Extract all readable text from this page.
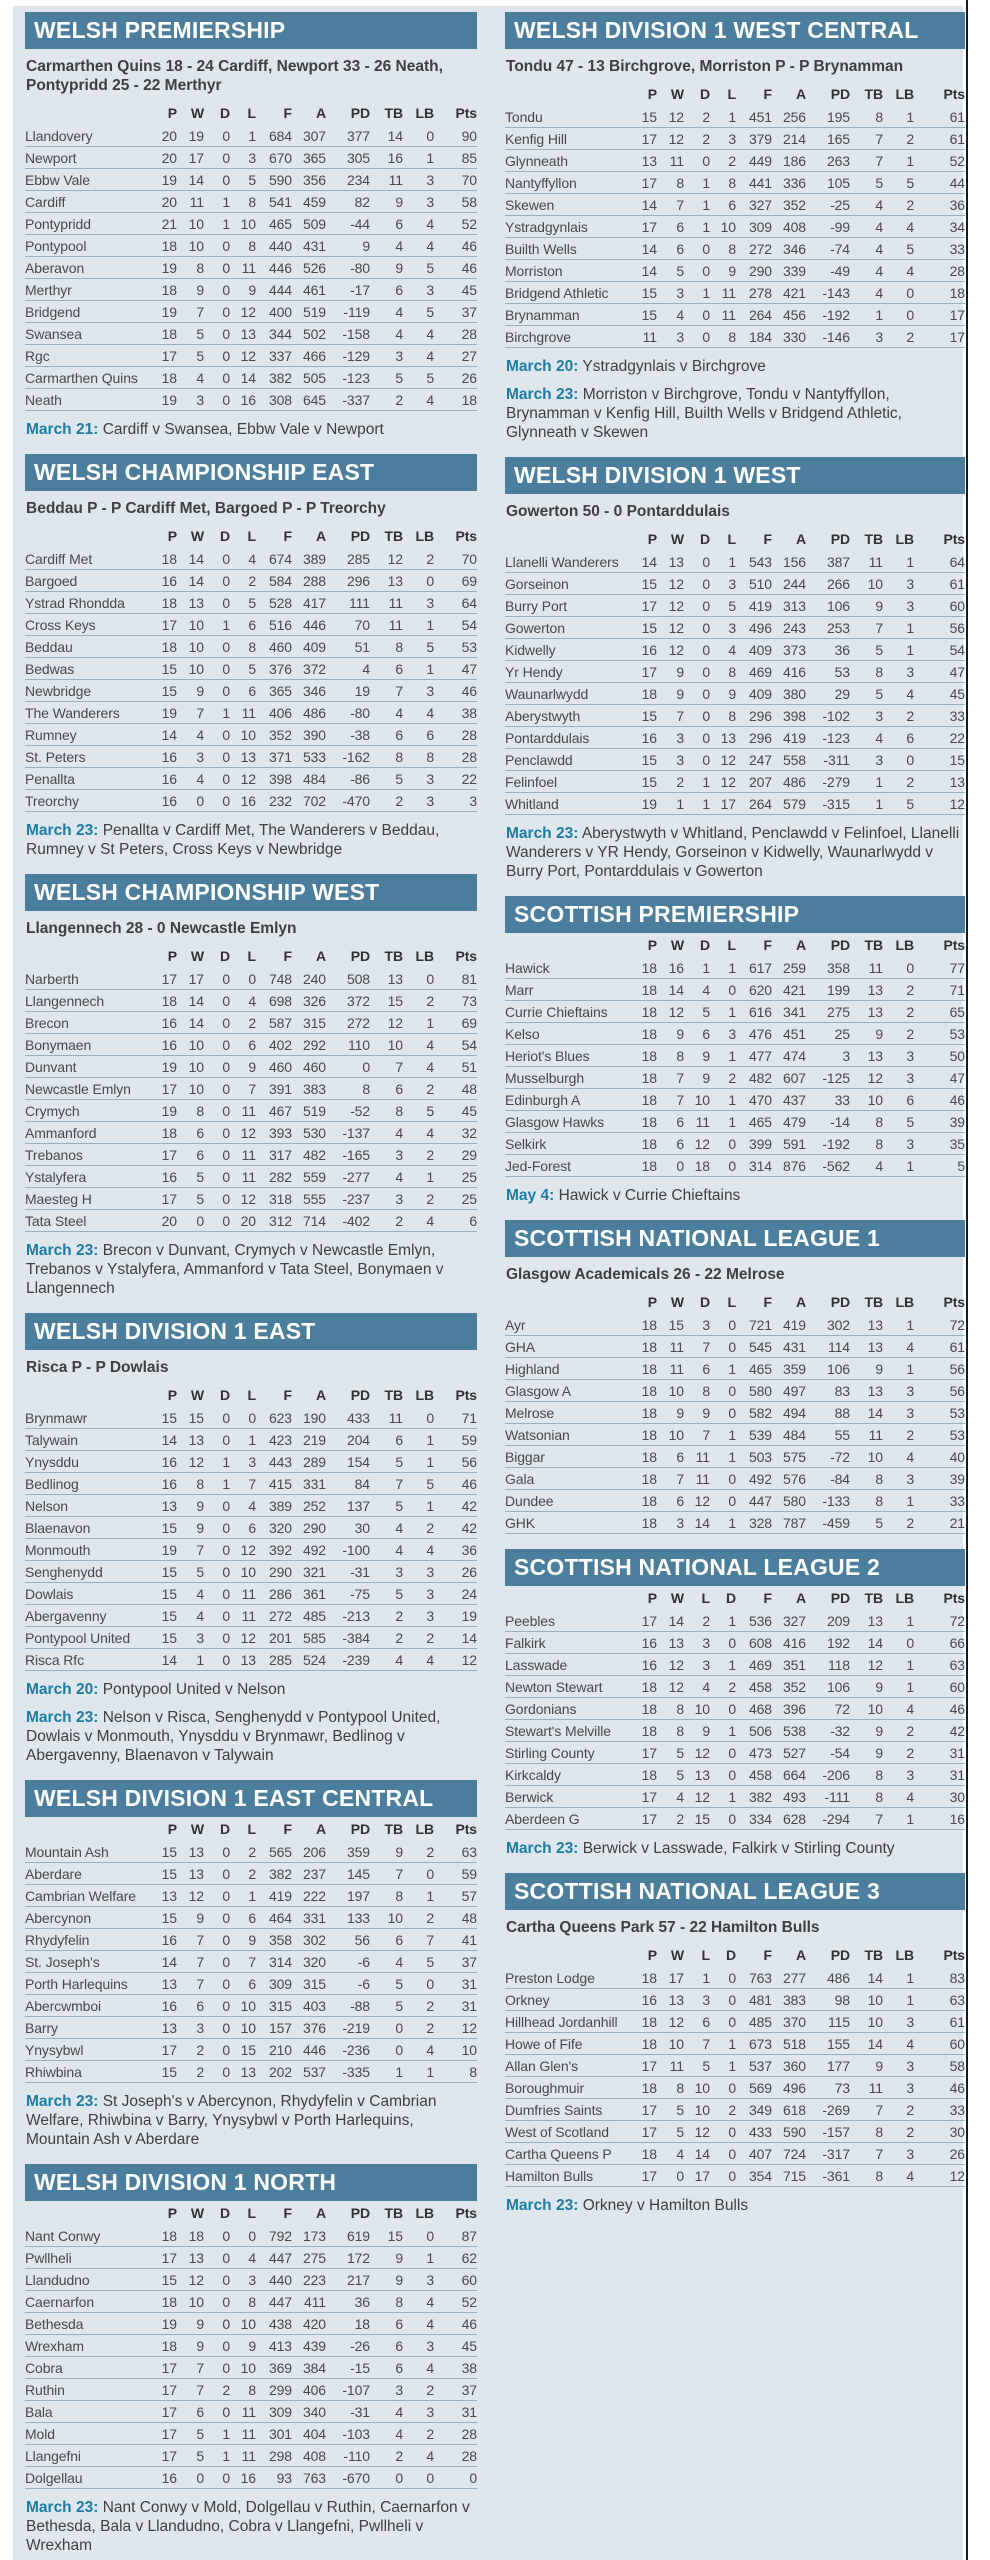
WELSH PREMIERSHIP

Carmarthen Quins 18 - 24 Cardiff, Newport 33 - 26 Neath, Pontypridd 25 - 22 Merthyr

	P	W	D	L	F	A	PD	TB	LB	Pts
Llandovery	20	19	0	1	684	307	377	14	0	90
Newport	20	17	0	3	670	365	305	16	1	85
Ebbw Vale	19	14	0	5	590	356	234	11	3	70
Cardiff	20	11	1	8	541	459	82	9	3	58
Pontypridd	21	10	1	10	465	509	-44	6	4	52
Pontypool	18	10	0	8	440	431	9	4	4	46
Aberavon	19	8	0	11	446	526	-80	9	5	46
Merthyr	18	9	0	9	444	461	-17	6	3	45
Bridgend	19	7	0	12	400	519	-119	4	5	37
Swansea	18	5	0	13	344	502	-158	4	4	28
Rgc	17	5	0	12	337	466	-129	3	4	27
Carmarthen Quins	18	4	0	14	382	505	-123	5	5	26
Neath	19	3	0	16	308	645	-337	2	4	18

March 21: Cardiff v Swansea, Ebbw Vale v Newport

WELSH CHAMPIONSHIP EAST

Beddau P - P Cardiff Met, Bargoed P - P Treorchy

	P	W	D	L	F	A	PD	TB	LB	Pts
Cardiff Met	18	14	0	4	674	389	285	12	2	70
Bargoed	16	14	0	2	584	288	296	13	0	69
Ystrad Rhondda	18	13	0	5	528	417	111	11	3	64
Cross Keys	17	10	1	6	516	446	70	11	1	54
Beddau	18	10	0	8	460	409	51	8	5	53
Bedwas	15	10	0	5	376	372	4	6	1	47
Newbridge	15	9	0	6	365	346	19	7	3	46
The Wanderers	19	7	1	11	406	486	-80	4	4	38
Rumney	14	4	0	10	352	390	-38	6	6	28
St. Peters	16	3	0	13	371	533	-162	8	8	28
Penallta	16	4	0	12	398	484	-86	5	3	22
Treorchy	16	0	0	16	232	702	-470	2	3	3

March 23: Penallta v Cardiff Met, The Wanderers v Beddau, Rumney v St Peters, Cross Keys v Newbridge

WELSH CHAMPIONSHIP WEST

Llangennech 28 - 0 Newcastle Emlyn

	P	W	D	L	F	A	PD	TB	LB	Pts
Narberth	17	17	0	0	748	240	508	13	0	81
Llangennech	18	14	0	4	698	326	372	15	2	73
Brecon	16	14	0	2	587	315	272	12	1	69
Bonymaen	16	10	0	6	402	292	110	10	4	54
Dunvant	19	10	0	9	460	460	0	7	4	51
Newcastle Emlyn	17	10	0	7	391	383	8	6	2	48
Crymych	19	8	0	11	467	519	-52	8	5	45
Ammanford	18	6	0	12	393	530	-137	4	4	32
Trebanos	17	6	0	11	317	482	-165	3	2	29
Ystalyfera	16	5	0	11	282	559	-277	4	1	25
Maesteg H	17	5	0	12	318	555	-237	3	2	25
Tata Steel	20	0	0	20	312	714	-402	2	4	6

March 23: Brecon v Dunvant, Crymych v Newcastle Emlyn, Trebanos v Ystalyfera, Ammanford v Tata Steel, Bonymaen v Llangennech

WELSH DIVISION 1 EAST

Risca P - P Dowlais

	P	W	D	L	F	A	PD	TB	LB	Pts
Brynmawr	15	15	0	0	623	190	433	11	0	71
Talywain	14	13	0	1	423	219	204	6	1	59
Ynysddu	16	12	1	3	443	289	154	5	1	56
Bedlinog	16	8	1	7	415	331	84	7	5	46
Nelson	13	9	0	4	389	252	137	5	1	42
Blaenavon	15	9	0	6	320	290	30	4	2	42
Monmouth	19	7	0	12	392	492	-100	4	4	36
Senghenydd	15	5	0	10	290	321	-31	3	3	26
Dowlais	15	4	0	11	286	361	-75	5	3	24
Abergavenny	15	4	0	11	272	485	-213	2	3	19
Pontypool United	15	3	0	12	201	585	-384	2	2	14
Risca Rfc	14	1	0	13	285	524	-239	4	4	12

March 20: Pontypool United v Nelson

March 23: Nelson v Risca, Senghenydd v Pontypool United, Dowlais v Monmouth, Ynysddu v Brynmawr, Bedlinog v Abergavenny, Blaenavon v Talywain

WELSH DIVISION 1 EAST CENTRAL
	P	W	D	L	F	A	PD	TB	LB	Pts
Mountain Ash	15	13	0	2	565	206	359	9	2	63
Aberdare	15	13	0	2	382	237	145	7	0	59
Cambrian Welfare	13	12	0	1	419	222	197	8	1	57
Abercynon	15	9	0	6	464	331	133	10	2	48
Rhydyfelin	16	7	0	9	358	302	56	6	7	41
St. Joseph's	14	7	0	7	314	320	-6	4	5	37
Porth Harlequins	13	7	0	6	309	315	-6	5	0	31
Abercwmboi	16	6	0	10	315	403	-88	5	2	31
Barry	13	3	0	10	157	376	-219	0	2	12
Ynysybwl	17	2	0	15	210	446	-236	0	4	10
Rhiwbina	15	2	0	13	202	537	-335	1	1	8

March 23: St Joseph's v Abercynon, Rhydyfelin v Cambrian Welfare, Rhiwbina v Barry, Ynysybwl v Porth Harlequins, Mountain Ash v Aberdare

WELSH DIVISION 1 NORTH
	P	W	D	L	F	A	PD	TB	LB	Pts
Nant Conwy	18	18	0	0	792	173	619	15	0	87
Pwllheli	17	13	0	4	447	275	172	9	1	62
Llandudno	15	12	0	3	440	223	217	9	3	60
Caernarfon	18	10	0	8	447	411	36	8	4	52
Bethesda	19	9	0	10	438	420	18	6	4	46
Wrexham	18	9	0	9	413	439	-26	6	3	45
Cobra	17	7	0	10	369	384	-15	6	4	38
Ruthin	17	7	2	8	299	406	-107	3	2	37
Bala	17	6	0	11	309	340	-31	4	3	31
Mold	17	5	1	11	301	404	-103	4	2	28
Llangefni	17	5	1	11	298	408	-110	2	4	28
Dolgellau	16	0	0	16	93	763	-670	0	0	0

March 23: Nant Conwy v Mold, Dolgellau v Ruthin, Caernarfon v Bethesda, Bala v Llandudno, Cobra v Llangefni, Pwllheli v Wrexham

WELSH DIVISION 1 WEST CENTRAL

Tondu 47 - 13 Birchgrove, Morriston P - P Brynamman

	P	W	D	L	F	A	PD	TB	LB	Pts
Tondu	15	12	2	1	451	256	195	8	1	61
Kenfig Hill	17	12	2	3	379	214	165	7	2	61
Glynneath	13	11	0	2	449	186	263	7	1	52
Nantyffyllon	17	8	1	8	441	336	105	5	5	44
Skewen	14	7	1	6	327	352	-25	4	2	36
Ystradgynlais	17	6	1	10	309	408	-99	4	4	34
Builth Wells	14	6	0	8	272	346	-74	4	5	33
Morriston	14	5	0	9	290	339	-49	4	4	28
Bridgend Athletic	15	3	1	11	278	421	-143	4	0	18
Brynamman	15	4	0	11	264	456	-192	1	0	17
Birchgrove	11	3	0	8	184	330	-146	3	2	17

March 20: Ystradgynlais v Birchgrove

March 23: Morriston v Birchgrove, Tondu v Nantyffyllon, Brynamman v Kenfig Hill, Builth Wells v Bridgend Athletic, Glynneath v Skewen

WELSH DIVISION 1 WEST

Gowerton 50 - 0 Pontarddulais

	P	W	D	L	F	A	PD	TB	LB	Pts
Llanelli Wanderers	14	13	0	1	543	156	387	11	1	64
Gorseinon	15	12	0	3	510	244	266	10	3	61
Burry Port	17	12	0	5	419	313	106	9	3	60
Gowerton	15	12	0	3	496	243	253	7	1	56
Kidwelly	16	12	0	4	409	373	36	5	1	54
Yr Hendy	17	9	0	8	469	416	53	8	3	47
Waunarlwydd	18	9	0	9	409	380	29	5	4	45
Aberystwyth	15	7	0	8	296	398	-102	3	2	33
Pontarddulais	16	3	0	13	296	419	-123	4	6	22
Penclawdd	15	3	0	12	247	558	-311	3	0	15
Felinfoel	15	2	1	12	207	486	-279	1	2	13
Whitland	19	1	1	17	264	579	-315	1	5	12

March 23: Aberystwyth v Whitland, Penclawdd v Felinfoel, Llanelli Wanderers v YR Hendy, Gorseinon v Kidwelly, Waunarlwydd v Burry Port, Pontarddulais v Gowerton

SCOTTISH PREMIERSHIP
	P	W	D	L	F	A	PD	TB	LB	Pts
Hawick	18	16	1	1	617	259	358	11	0	77
Marr	18	14	4	0	620	421	199	13	2	71
Currie Chieftains	18	12	5	1	616	341	275	13	2	65
Kelso	18	9	6	3	476	451	25	9	2	53
Heriot's Blues	18	8	9	1	477	474	3	13	3	50
Musselburgh	18	7	9	2	482	607	-125	12	3	47
Edinburgh A	18	7	10	1	470	437	33	10	6	46
Glasgow Hawks	18	6	11	1	465	479	-14	8	5	39
Selkirk	18	6	12	0	399	591	-192	8	3	35
Jed-Forest	18	0	18	0	314	876	-562	4	1	5

May 4: Hawick v Currie Chieftains

SCOTTISH NATIONAL LEAGUE 1

Glasgow Academicals 26 - 22 Melrose

	P	W	D	L	F	A	PD	TB	LB	Pts
Ayr	18	15	3	0	721	419	302	13	1	72
GHA	18	11	7	0	545	431	114	13	4	61
Highland	18	11	6	1	465	359	106	9	1	56
Glasgow A	18	10	8	0	580	497	83	13	3	56
Melrose	18	9	9	0	582	494	88	14	3	53
Watsonian	18	10	7	1	539	484	55	11	2	53
Biggar	18	6	11	1	503	575	-72	10	4	40
Gala	18	7	11	0	492	576	-84	8	3	39
Dundee	18	6	12	0	447	580	-133	8	1	33
GHK	18	3	14	1	328	787	-459	5	2	21
SCOTTISH NATIONAL LEAGUE 2
	P	W	L	D	F	A	PD	TB	LB	Pts
Peebles	17	14	2	1	536	327	209	13	1	72
Falkirk	16	13	3	0	608	416	192	14	0	66
Lasswade	16	12	3	1	469	351	118	12	1	63
Newton Stewart	18	12	4	2	458	352	106	9	1	60
Gordonians	18	8	10	0	468	396	72	10	4	46
Stewart's Melville	18	8	9	1	506	538	-32	9	2	42
Stirling County	17	5	12	0	473	527	-54	9	2	31
Kirkcaldy	18	5	13	0	458	664	-206	8	3	31
Berwick	17	4	12	1	382	493	-111	8	4	30
Aberdeen G	17	2	15	0	334	628	-294	7	1	16

March 23: Berwick v Lasswade, Falkirk v Stirling County

SCOTTISH NATIONAL LEAGUE 3

Cartha Queens Park 57 - 22 Hamilton Bulls

	P	W	L	D	F	A	PD	TB	LB	Pts
Preston Lodge	18	17	1	0	763	277	486	14	1	83
Orkney	16	13	3	0	481	383	98	10	1	63
Hillhead Jordanhill	18	12	6	0	485	370	115	10	3	61
Howe of Fife	18	10	7	1	673	518	155	14	4	60
Allan Glen's	17	11	5	1	537	360	177	9	3	58
Boroughmuir	18	8	10	0	569	496	73	11	3	46
Dumfries Saints	17	5	10	2	349	618	-269	7	2	33
West of Scotland	17	5	12	0	433	590	-157	8	2	30
Cartha Queens P	18	4	14	0	407	724	-317	7	3	26
Hamilton Bulls	17	0	17	0	354	715	-361	8	4	12

March 23: Orkney v Hamilton Bulls
